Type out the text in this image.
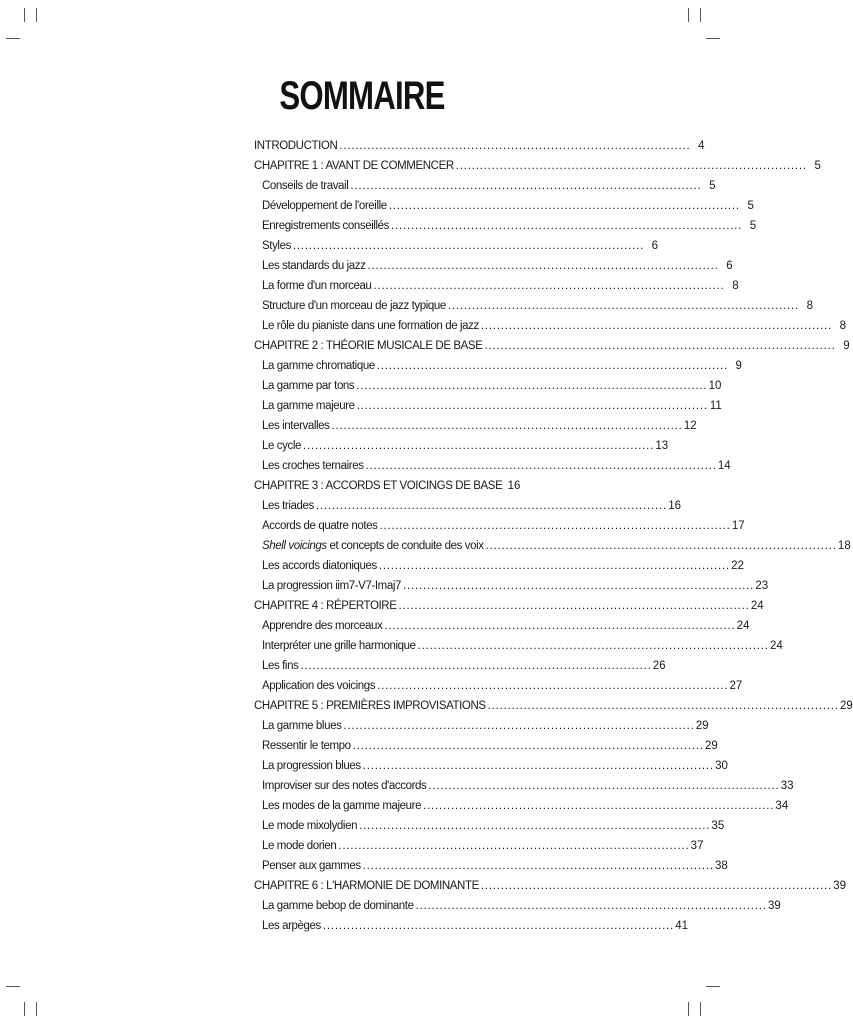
SOMMAIRE
INTRODUCTION . . .	4
CHAPITRE 1 : AVANT DE COMMENCER . . .	5
Conseils de travail . . .	5
Développement de l'oreille . . .	5
Enregistrements conseillés . . .	5
Styles . . .	6
Les standards du jazz . . .	6
La forme d'un morceau . . .	8
Structure d'un morceau de jazz typique . . .	8
Le rôle du pianiste dans une formation de jazz . . .	8
CHAPITRE 2 : THÉORIE MUSICALE DE BASE . . .	9
La gamme chromatique . . .	9
La gamme par tons . . .	10
La gamme majeure . . .	11
Les intervalles . . .	12
Le cycle . . .	13
Les croches ternaires . . .	14
CHAPITRE 3 : ACCORDS ET VOICINGS DE BASE 16
Les triades . . .	16
Accords de quatre notes . . .	17
Shell voicings et concepts de conduite des voix . . .	18
Les accords diatoniques . . .	22
La progression iim7-V7-Imaj7 . . .	23
CHAPITRE 4 : RÉPERTOIRE . . .	24
Apprendre des morceaux . . .	24
Interpréter une grille harmonique . . .	24
Les fins . . .	26
Application des voicings . . .	27
CHAPITRE 5 : PREMIÈRES IMPROVISATIONS . . .	29
La gamme blues . . .	29
Ressentir le tempo . . .	29
La progression blues . . .	30
Improviser sur des notes d'accords . . .	33
Les modes de la gamme majeure . . .	34
Le mode mixolydien . . .	35
Le mode dorien . . .	37
Penser aux gammes . . .	38
CHAPITRE 6 : L'HARMONIE DE DOMINANTE . . .	39
La gamme bebop de dominante . . .	39
Les arpèges . . .	41
